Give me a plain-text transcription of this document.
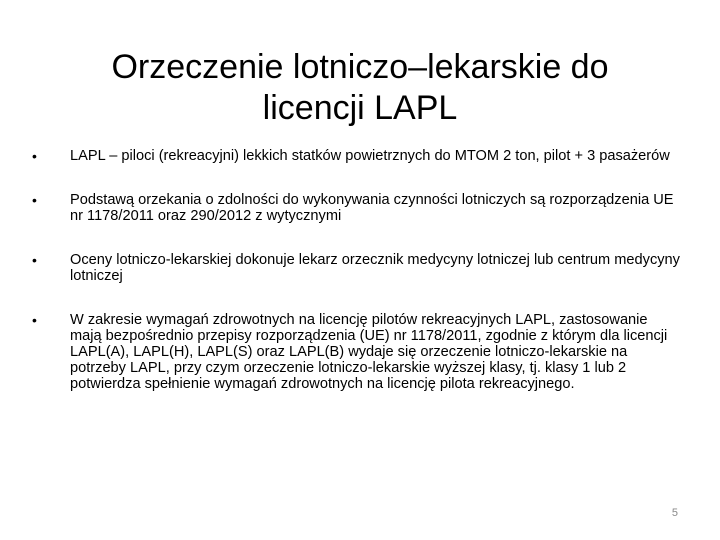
Orzeczenie lotniczo–lekarskie do
licencji LAPL
• LAPL – piloci (rekreacyjni) lekkich statków powietrznych do MTOM 2 ton, pilot + 3 pasażerów
• Podstawą orzekania o zdolności do wykonywania czynności lotniczych są rozporządzenia UE nr 1178/2011 oraz 290/2012 z wytycznymi
• Oceny lotniczo-lekarskiej dokonuje lekarz orzecznik medycyny lotniczej lub centrum medycyny lotniczej
• W zakresie wymagań zdrowotnych na licencję pilotów rekreacyjnych LAPL, zastosowanie mają bezpośrednio przepisy rozporządzenia (UE) nr 1178/2011, zgodnie z którym dla licencji LAPL(A), LAPL(H), LAPL(S) oraz LAPL(B) wydaje się orzeczenie lotniczo-lekarskie na potrzeby LAPL, przy czym orzeczenie lotniczo-lekarskie wyższej klasy, tj. klasy 1 lub 2 potwierdza spełnienie wymagań zdrowotnych na licencję pilota rekreacyjnego.
5
